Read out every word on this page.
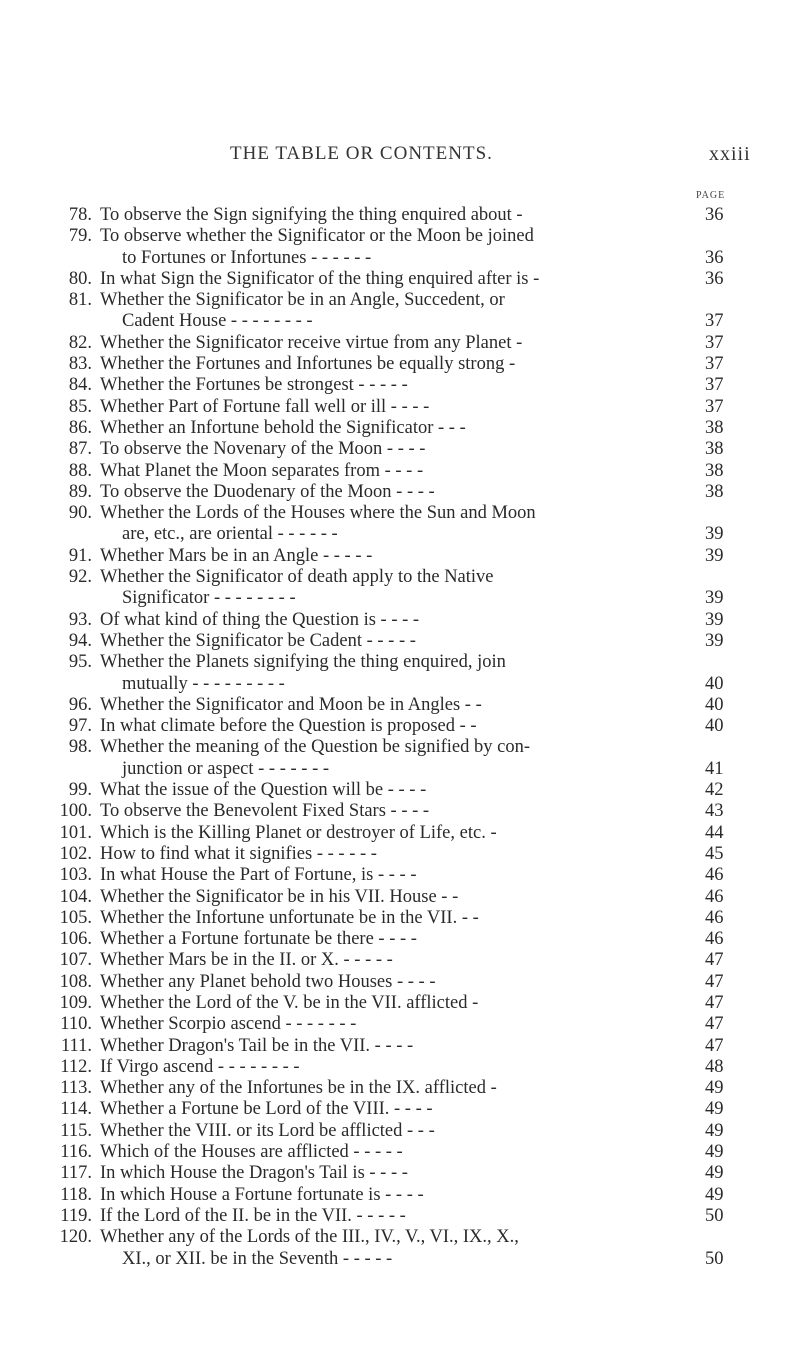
THE TABLE OR CONTENTS.	xxiii
PAGE
78. To observe the Sign signifying the thing enquired about -	36
79. To observe whether the Significator or the Moon be joined
to Fortunes or Infortunes - - - - - -	36
80. In what Sign the Significator of the thing enquired after is -	36
81. Whether the Significator be in an Angle, Succedent, or
Cadent House - - - - - - - -	37
82. Whether the Significator receive virtue from any Planet -	37
83. Whether the Fortunes and Infortunes be equally strong -	37
84. Whether the Fortunes be strongest - - - - -	37
85. Whether Part of Fortune fall well or ill - - - -	37
86. Whether an Infortune behold the Significator - - -	38
87. To observe the Novenary of the Moon - - - -	38
88. What Planet the Moon separates from - - - -	38
89. To observe the Duodenary of the Moon - - - -	38
90. Whether the Lords of the Houses where the Sun and Moon
are, etc., are oriental - - - - - -	39
91. Whether Mars be in an Angle - - - - -	39
92. Whether the Significator of death apply to the Native
Significator - - - - - - - -	39
93. Of what kind of thing the Question is - - - -	39
94. Whether the Significator be Cadent - - - - -	39
95. Whether the Planets signifying the thing enquired, join
mutually - - - - - - - - -	40
96. Whether the Significator and Moon be in Angles - -	40
97. In what climate before the Question is proposed - -	40
98. Whether the meaning of the Question be signified by con-
junction or aspect - - - - - - -	41
99. What the issue of the Question will be - - - -	42
100. To observe the Benevolent Fixed Stars - - - -	43
101. Which is the Killing Planet or destroyer of Life, etc. -	44
102. How to find what it signifies - - - - - -	45
103. In what House the Part of Fortune, is - - - -	46
104. Whether the Significator be in his VII. House - -	46
105. Whether the Infortune unfortunate be in the VII. - -	46
106. Whether a Fortune fortunate be there - - - -	46
107. Whether Mars be in the II. or X. - - - - -	47
108. Whether any Planet behold two Houses - - - -	47
109. Whether the Lord of the V. be in the VII. afflicted -	47
110. Whether Scorpio ascend - - - - - - -	47
111. Whether Dragon's Tail be in the VII. - - - -	47
112. If Virgo ascend - - - - - - - -	48
113. Whether any of the Infortunes be in the IX. afflicted -	49
114. Whether a Fortune be Lord of the VIII. - - - -	49
115. Whether the VIII. or its Lord be afflicted - - -	49
116. Which of the Houses are afflicted - - - - -	49
117. In which House the Dragon's Tail is - - - -	49
118. In which House a Fortune fortunate is - - - -	49
119. If the Lord of the II. be in the VII. - - - - -	50
120. Whether any of the Lords of the III., IV., V., VI., IX., X.,
XI., or XII. be in the Seventh - - - - -	50
